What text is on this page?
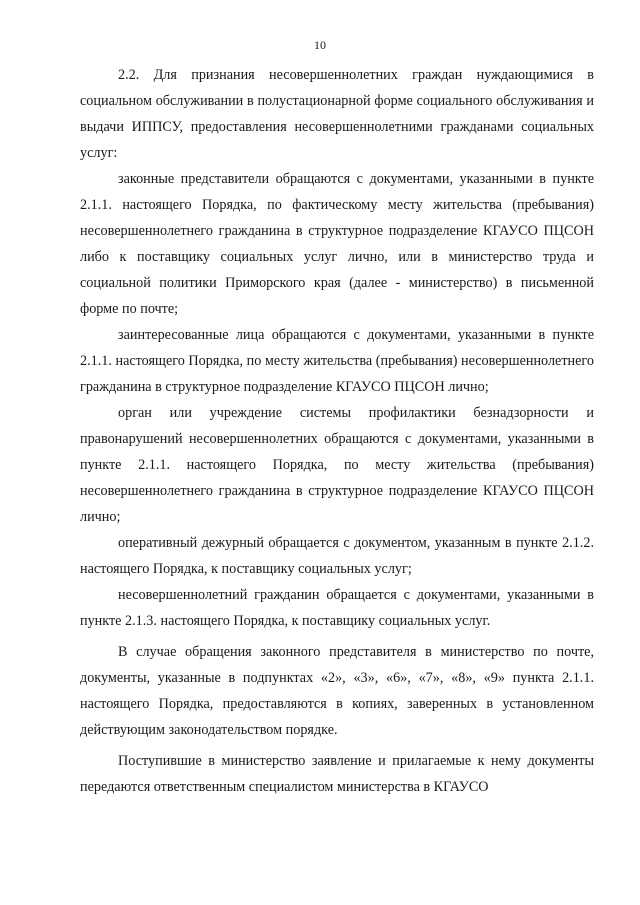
10

2.2. Для признания несовершеннолетних граждан нуждающимися в социальном обслуживании в полустационарной форме социального обслуживания и выдачи ИППСУ, предоставления несовершеннолетними гражданами социальных услуг:

законные представители обращаются с документами, указанными в пункте 2.1.1. настоящего Порядка, по фактическому месту жительства (пребывания) несовершеннолетнего гражданина в структурное подразделение КГАУСО ПЦСОН либо к поставщику социальных услуг лично, или в министерство труда и социальной политики Приморского края (далее - министерство) в письменной форме по почте;

заинтересованные лица обращаются с документами, указанными в пункте 2.1.1. настоящего Порядка, по месту жительства (пребывания) несовершеннолетнего гражданина в структурное подразделение КГАУСО ПЦСОН лично;

орган или учреждение системы профилактики безнадзорности и правонарушений несовершеннолетних обращаются с документами, указанными в пункте 2.1.1. настоящего Порядка, по месту жительства (пребывания) несовершеннолетнего гражданина в структурное подразделение КГАУСО ПЦСОН лично;

оперативный дежурный обращается с документом, указанным в пункте 2.1.2. настоящего Порядка, к поставщику социальных услуг;

несовершеннолетний гражданин обращается с документами, указанными в пункте 2.1.3. настоящего Порядка, к поставщику социальных услуг.

В случае обращения законного представителя в министерство по почте, документы, указанные в подпунктах «2», «3», «6», «7», «8», «9» пункта 2.1.1. настоящего Порядка, предоставляются в копиях, заверенных в установленном действующим законодательством порядке.

Поступившие в министерство заявление и прилагаемые к нему документы передаются ответственным специалистом министерства в КГАУСО
